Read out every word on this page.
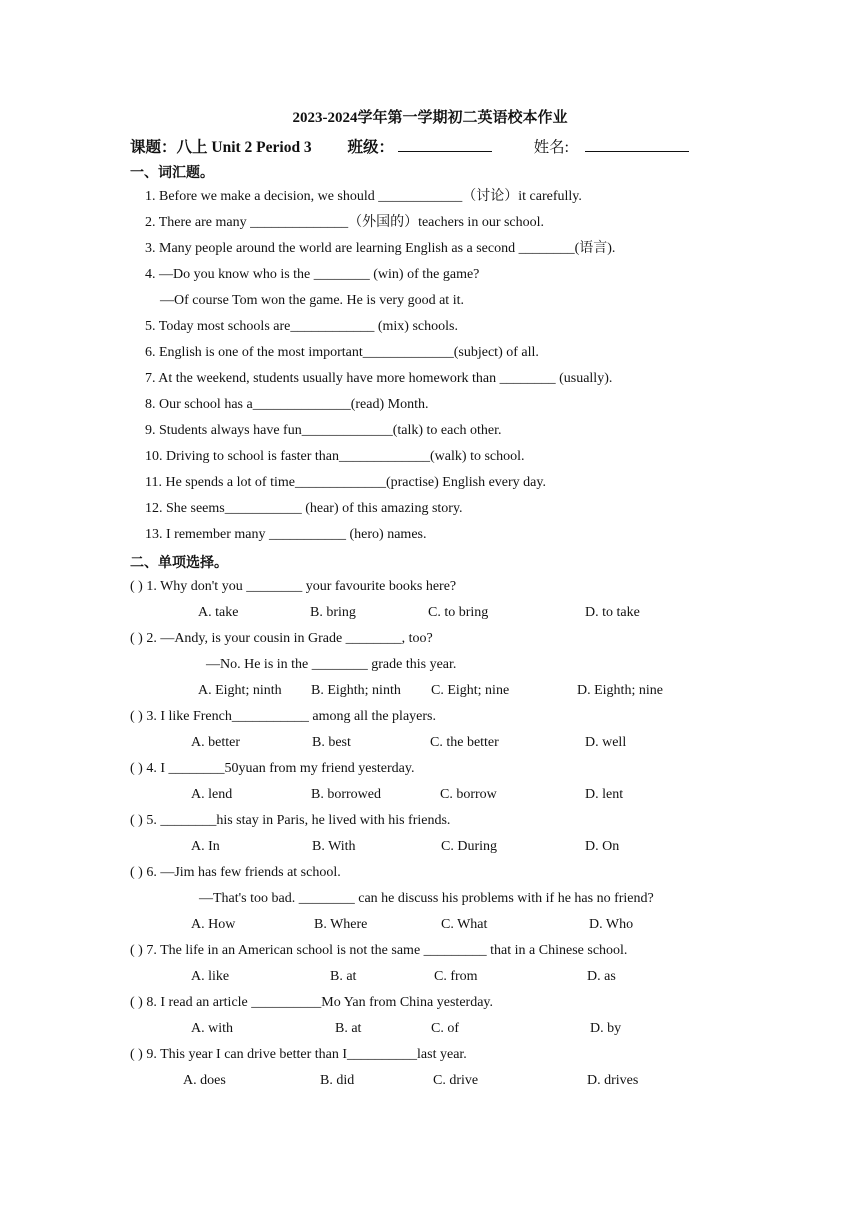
2023-2024学年第一学期初二英语校本作业
课题：八上 Unit 2 Period 3 班级：	姓名:
一、词汇题。
1. Before we make a decision, we should ____________（讨论）it carefully.
2. There are many ______________（外国的）teachers in our school.
3. Many people around the world are learning English as a second ________(语言).
4. —Do you know who is the ________ (win) of the game?
—Of course Tom won the game. He is very good at it.
5. Today most schools are____________ (mix) schools.
6. English is one of the most important_____________(subject) of all.
7. At the weekend, students usually have more homework than ________ (usually).
8. Our school has a______________(read) Month.
9. Students always have fun_____________(talk) to each other.
10. Driving to school is faster than_____________(walk) to school.
11. He spends a lot of time_____________(practise) English every day.
12. She seems___________ (hear) of this amazing story.
13. I remember many ___________ (hero) names.
二、单项选择。
( ) 1. Why don't you ________ your favourite books here?
A. take	B. bring	C. to bring	D. to take
( ) 2. —Andy, is your cousin in Grade ________, too?
—No. He is in the ________ grade this year.
A. Eight; ninth B. Eighth; ninth C. Eight; nine	D. Eighth; nine
( ) 3. I like French___________ among all the players.
A. better	B. best	C. the better	D. well
( ) 4. I ________50yuan from my friend yesterday.
A. lend	B. borrowed	C. borrow	D. lent
( ) 5. ________his stay in Paris, he lived with his friends.
A. In	B. With	C. During	D. On
( ) 6. —Jim has few friends at school.
—That's too bad. ________ can he discuss his problems with if he has no friend?
A. How	B. Where	C. What	D. Who
( ) 7. The life in an American school is not the same _________ that in a Chinese school.
A. like	B. at	C. from	D. as
( ) 8. I read an article __________Mo Yan from China yesterday.
A. with	B. at	C. of	D. by
( ) 9. This year I can drive better than I__________last year.
A. does	B. did	C. drive	D. drives
